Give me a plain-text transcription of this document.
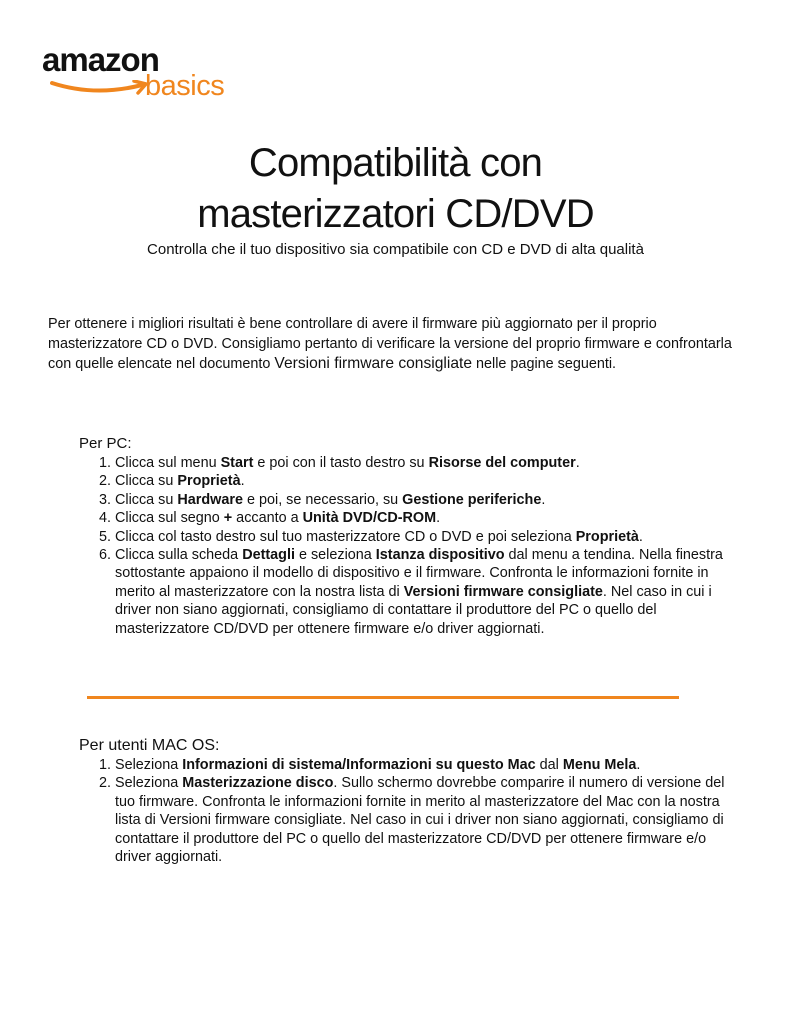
amazon
basics
Compatibilità con
masterizzatori CD/DVD
Controlla che il tuo dispositivo sia compatibile con CD e DVD di alta qualità

Per ottenere i migliori risultati è bene controllare di avere il firmware più aggiornato per il proprio masterizzatore CD o DVD. Consigliamo pertanto di verificare la versione del proprio firmware e confrontarla con quelle elencate nel documento Versioni firmware consigliate nelle pagine seguenti.

Per PC:

1. Clicca sul menu Start e poi con il tasto destro su Risorse del computer.
2. Clicca su Proprietà.
3. Clicca su Hardware e poi, se necessario, su Gestione periferiche.
4. Clicca sul segno + accanto a Unità DVD/CD-ROM.
5. Clicca col tasto destro sul tuo masterizzatore CD o DVD e poi seleziona Proprietà.
6. Clicca sulla scheda Dettagli e seleziona Istanza dispositivo dal menu a tendina. Nella finestra sottostante appaiono il modello di dispositivo e il firmware. Confronta le informazioni fornite in merito al masterizzatore con la nostra lista di Versioni firmware consigliate. Nel caso in cui i driver non siano aggiornati, consigliamo di contattare il produttore del PC o quello del masterizzatore CD/DVD per ottenere firmware e/o driver aggiornati.

Per utenti MAC OS:

1. Seleziona Informazioni di sistema/Informazioni su questo Mac dal Menu Mela.
2. Seleziona Masterizzazione disco. Sullo schermo dovrebbe comparire il numero di versione del tuo firmware. Confronta le informazioni fornite in merito al masterizzatore del Mac con la nostra lista di Versioni firmware consigliate. Nel caso in cui i driver non siano aggiornati, consigliamo di contattare il produttore del PC o quello del masterizzatore CD/DVD per ottenere firmware e/o driver aggiornati.
